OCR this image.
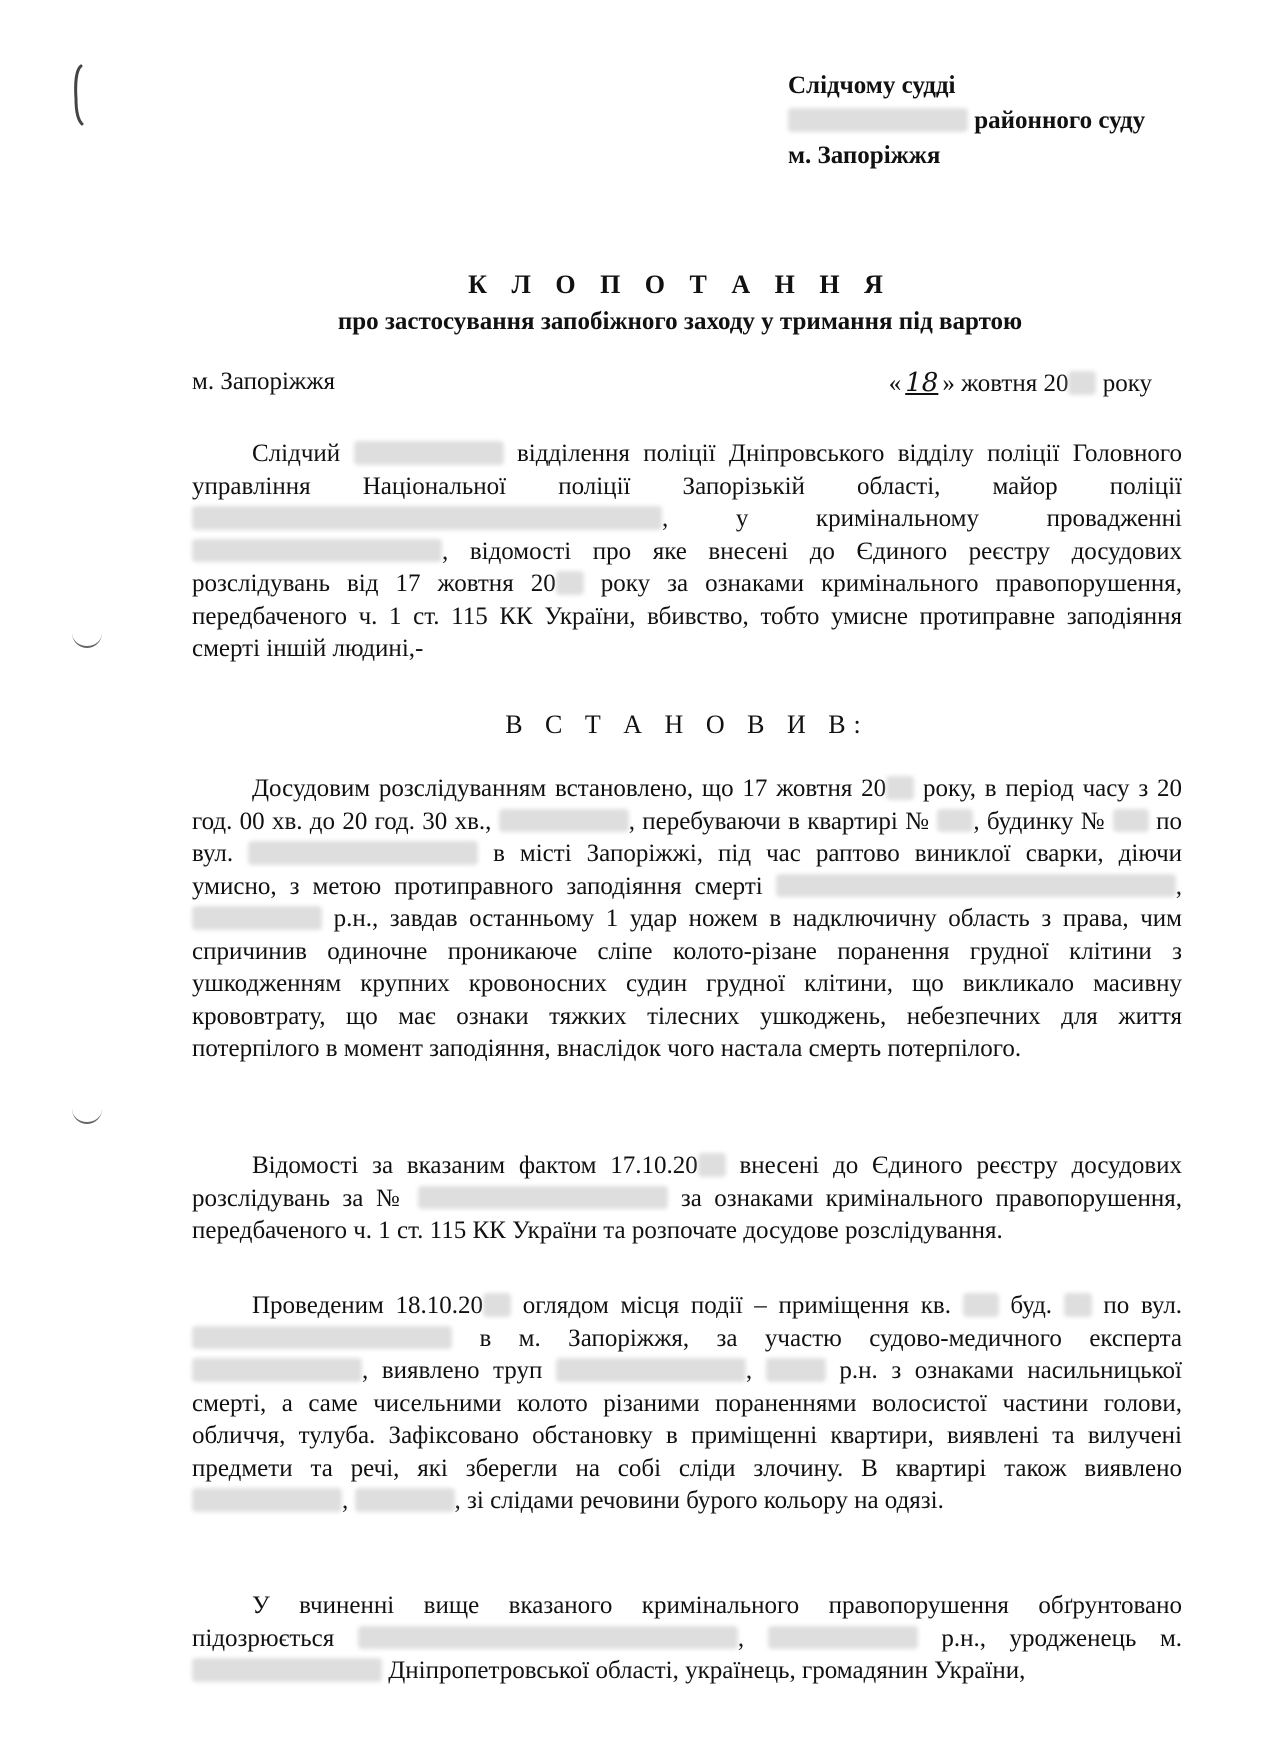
Слідчому судді
районного суду
м. Запоріжжя
К Л О П О Т А Н Н Я
про застосування запобіжного заходу у тримання під вартою
м. Запоріжжя	« 18 » жовтня 20 року

Слідчий	відділення поліції Дніпровського відділу поліції Головного управління Національної поліції Запорізькій області, майор поліції , у кримінальному провадженні , відомості про яке внесені до Єдиного реєстру досудових розслідувань від 17 жовтня 20 року за ознаками кримінального правопорушення, передбаченого ч. 1 ст. 115 КК України, вбивство, тобто умисне протиправне заподіяння смерті іншій людині,-

В С Т А Н О В И В:

Досудовим розслідуванням встановлено, що 17 жовтня 20 року, в період часу з 20 год. 00 хв. до 20 год. 30 хв.,	, перебуваючи в квартирі № , будинку № по вул.	в місті Запоріжжі, під час раптово виниклої сварки, діючи умисно, з метою протиправного заподіяння смерті	,  р.н., завдав останньому 1 удар ножем в надключичну область з права, чим спричинив одиночне проникаюче сліпе колото-різане поранення грудної клітини з ушкодженням крупних кровоносних судин грудної клітини, що викликало масивну крововтрату, що має ознаки тяжких тілесних ушкоджень, небезпечних для життя потерпілого в момент заподіяння, внаслідок чого настала смерть потерпілого.

Відомості за вказаним фактом 17.10.20 внесені до Єдиного реєстру досудових розслідувань за №	за ознаками кримінального правопорушення, передбаченого ч. 1 ст. 115 КК України та розпочате досудове розслідування.

Проведеним 18.10.20 оглядом місця події – приміщення кв. буд. по вул.  в м. Запоріжжя, за участю судово-медичного експерта , виявлено труп	,	р.н. з ознаками насильницької смерті, а саме чисельними колото різаними пораненнями волосистої частини голови, обличчя, тулуба. Зафіксовано обстановку в приміщенні квартири, виявлені та вилучені предмети та речі, які зберегли на собі сліди злочину. В квартирі також виявлено ,	, зі слідами речовини бурого кольору на одязі.

У вчиненні вище вказаного кримінального правопорушення обґрунтовано підозрюється	,	р.н., уродженець м.  Дніпропетровської області, українець, громадянин України,
